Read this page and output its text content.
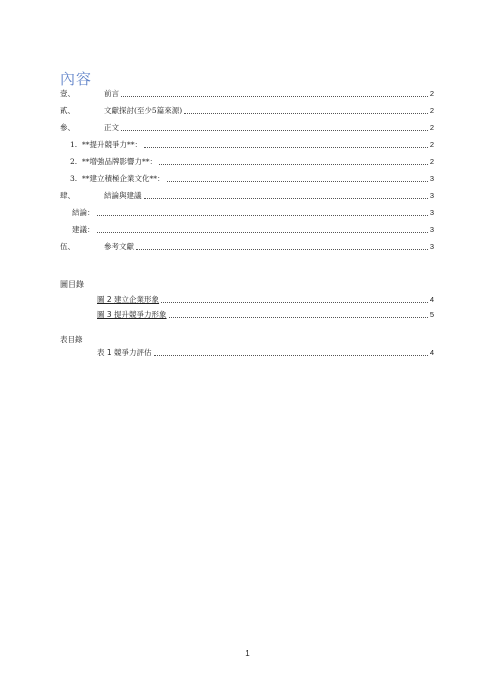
內容
壹、	前言	2
貳、	文獻探討(至少5篇來源)	2
參、	正文	2
1. **提升競爭力**：	2
2. **增強品牌影響力**：	2
3. **建立積極企業文化**：	3
肆、	結論與建議	3
結論：	3
建議：	3
伍、	參考文獻	3
圖目錄
圖 2 建立企業形象	4
圖 3 提升競爭力形象	5
表目錄
表 1 競爭力評估	4
1
